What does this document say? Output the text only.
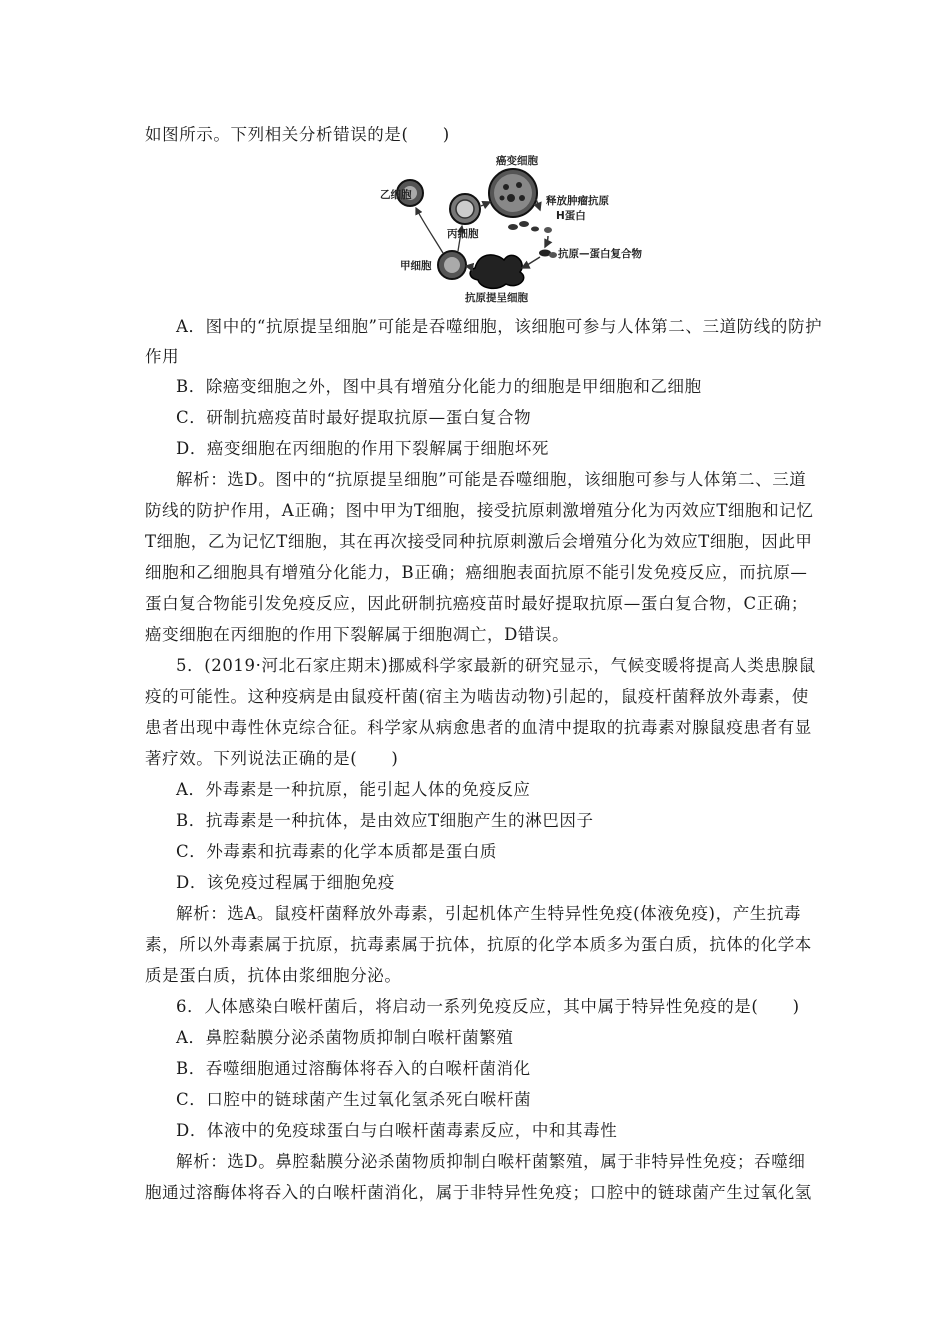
如图所示。下列相关分析错误的是(　　)
癌变细胞
释放肿瘤抗原
H蛋白
抗原—蛋白复合物
抗原提呈细胞
甲细胞
乙细胞
丙细胞
A．图中的“抗原提呈细胞”可能是吞噬细胞，该细胞可参与人体第二、三道防线的防护
作用
B．除癌变细胞之外，图中具有增殖分化能力的细胞是甲细胞和乙细胞
C．研制抗癌疫苗时最好提取抗原—蛋白复合物
D．癌变细胞在丙细胞的作用下裂解属于细胞坏死
解析：选D。图中的“抗原提呈细胞”可能是吞噬细胞，该细胞可参与人体第二、三道
防线的防护作用，A正确；图中甲为T细胞，接受抗原刺激增殖分化为丙效应T细胞和记忆
T细胞，乙为记忆T细胞，其在再次接受同种抗原刺激后会增殖分化为效应T细胞，因此甲
细胞和乙细胞具有增殖分化能力，B正确；癌细胞表面抗原不能引发免疫反应，而抗原—
蛋白复合物能引发免疫反应，因此研制抗癌疫苗时最好提取抗原—蛋白复合物，C正确；
癌变细胞在丙细胞的作用下裂解属于细胞凋亡，D错误。
5．(2019·河北石家庄期末)挪威科学家最新的研究显示，气候变暖将提高人类患腺鼠
疫的可能性。这种疫病是由鼠疫杆菌(宿主为啮齿动物)引起的，鼠疫杆菌释放外毒素，使
患者出现中毒性休克综合征。科学家从病愈患者的血清中提取的抗毒素对腺鼠疫患者有显
著疗效。下列说法正确的是(　　)
A．外毒素是一种抗原，能引起人体的免疫反应
B．抗毒素是一种抗体，是由效应T细胞产生的淋巴因子
C．外毒素和抗毒素的化学本质都是蛋白质
D．该免疫过程属于细胞免疫
解析：选A。鼠疫杆菌释放外毒素，引起机体产生特异性免疫(体液免疫)，产生抗毒
素，所以外毒素属于抗原，抗毒素属于抗体，抗原的化学本质多为蛋白质，抗体的化学本
质是蛋白质，抗体由浆细胞分泌。
6．人体感染白喉杆菌后，将启动一系列免疫反应，其中属于特异性免疫的是(　　)
A．鼻腔黏膜分泌杀菌物质抑制白喉杆菌繁殖
B．吞噬细胞通过溶酶体将吞入的白喉杆菌消化
C．口腔中的链球菌产生过氧化氢杀死白喉杆菌
D．体液中的免疫球蛋白与白喉杆菌毒素反应，中和其毒性
解析：选D。鼻腔黏膜分泌杀菌物质抑制白喉杆菌繁殖，属于非特异性免疫；吞噬细
胞通过溶酶体将吞入的白喉杆菌消化，属于非特异性免疫；口腔中的链球菌产生过氧化氢
